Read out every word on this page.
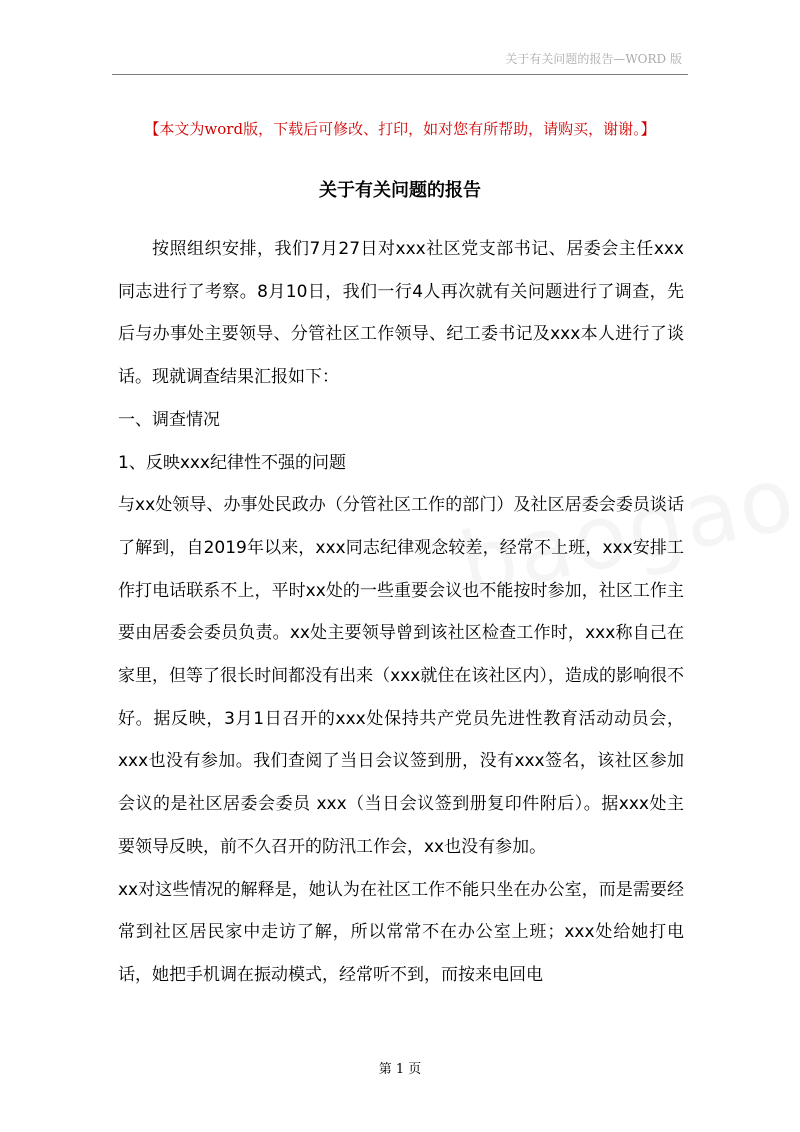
关于有关问题的报告—WORD 版
【本文为word版，下载后可修改、打印，如对您有所帮助，请购买，谢谢。】
关于有关问题的报告

按照组织安排，我们7月27日对xxx社区党支部书记、居委会主任xxx同志进行了考察。8月10日，我们一行4人再次就有关问题进行了调查，先后与办事处主要领导、分管社区工作领导、纪工委书记及xxx本人进行了谈话。现就调查结果汇报如下：

一、调查情况

1、反映xxx纪律性不强的问题

与xx处领导、办事处民政办（分管社区工作的部门）及社区居委会委员谈话了解到，自2019年以来，xxx同志纪律观念较差，经常不上班，xxx安排工作打电话联系不上，平时xx处的一些重要会议也不能按时参加，社区工作主要由居委会委员负责。xx处主要领导曾到该社区检查工作时，xxx称自己在家里，但等了很长时间都没有出来（xxx就住在该社区内），造成的影响很不好。据反映，3月1日召开的xxx处保持共产党员先进性教育活动动员会，xxx也没有参加。我们查阅了当日会议签到册，没有xxx签名，该社区参加会议的是社区居委会委员 xxx（当日会议签到册复印件附后）。据xxx处主要领导反映，前不久召开的防汛工作会，xx也没有参加。

xx对这些情况的解释是，她认为在社区工作不能只坐在办公室，而是需要经常到社区居民家中走访了解，所以常常不在办公室上班；xxx处给她打电话，她把手机调在振动模式，经常听不到，而按来电回电

第 1 页
